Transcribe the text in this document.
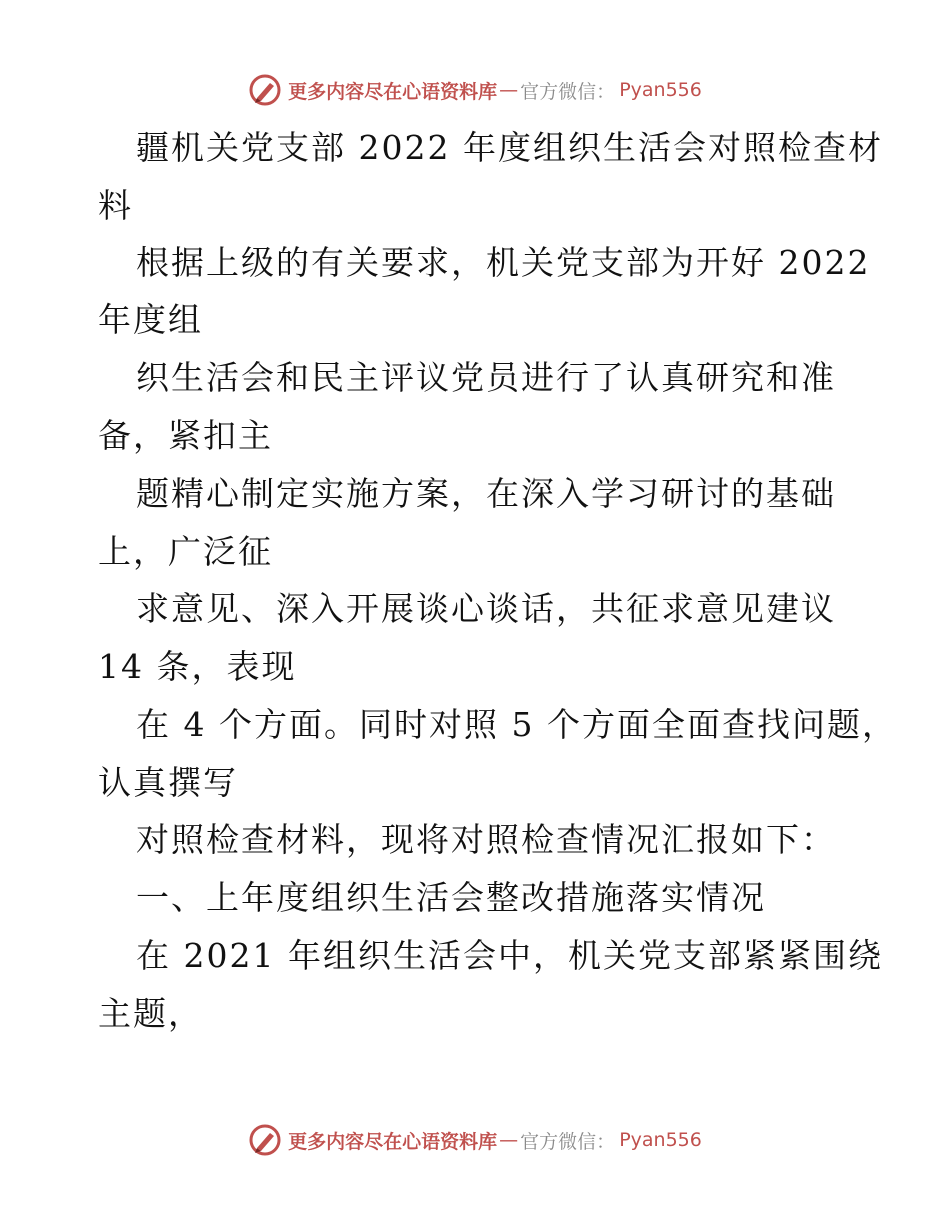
更多内容尽在心语资料库 — 官方微信： Pyan556
疆机关党支部 2022 年度组织生活会对照检查材
料
根据上级的有关要求，机关党支部为开好 2022
年度组
织生活会和民主评议党员进行了认真研究和准
备，紧扣主
题精心制定实施方案，在深入学习研讨的基础
上，广泛征
求意见、深入开展谈心谈话，共征求意见建议
14 条，表现
在 4 个方面。同时对照 5 个方面全面查找问题，
认真撰写
对照检查材料，现将对照检查情况汇报如下：
一、上年度组织生活会整改措施落实情况
在 2021 年组织生活会中，机关党支部紧紧围绕
主题，
更多内容尽在心语资料库 — 官方微信： Pyan556
